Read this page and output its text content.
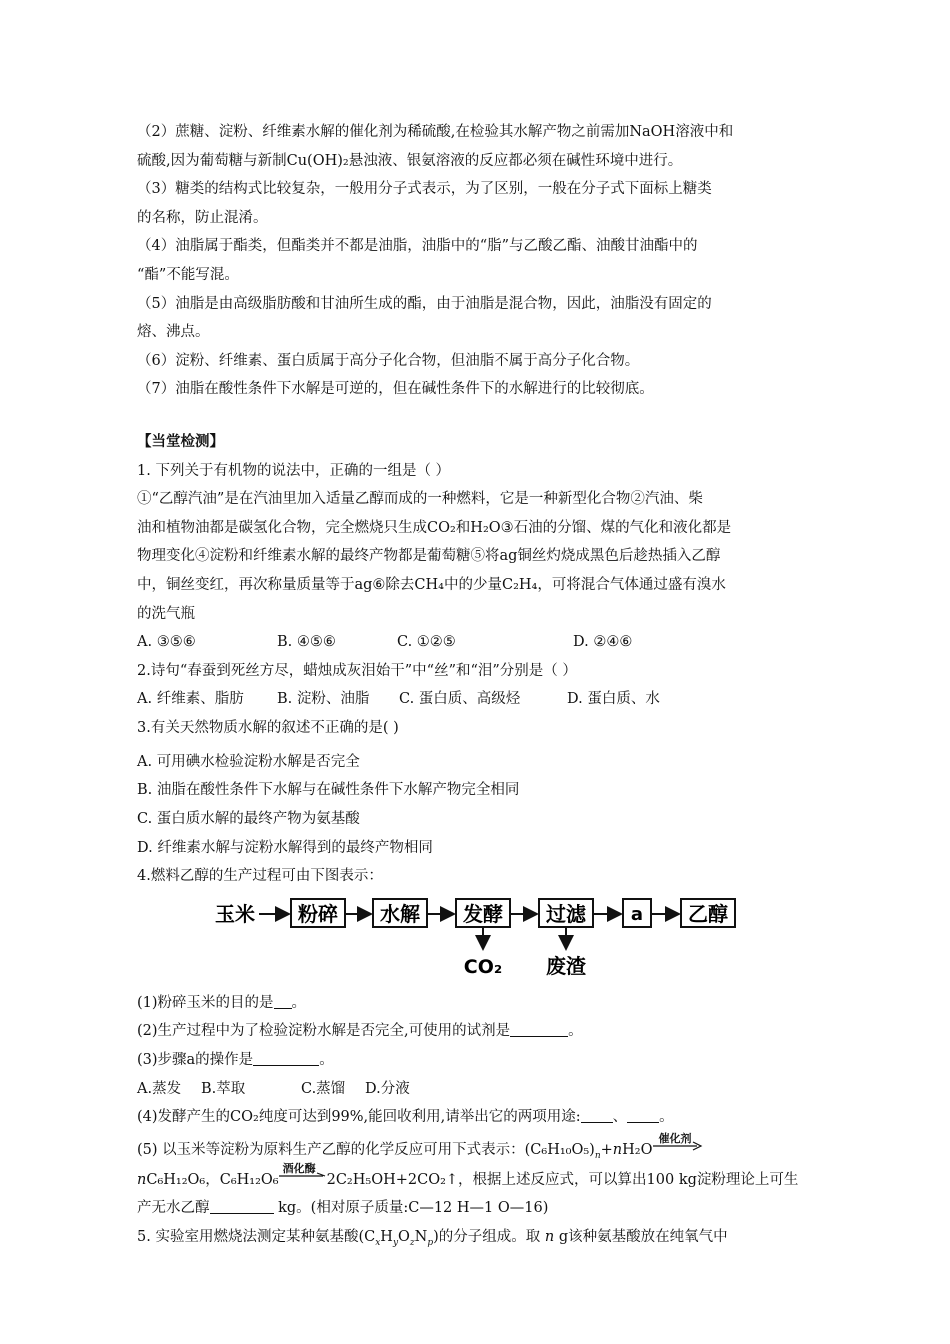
（2）蔗糖、淀粉、纤维素水解的催化剂为稀硫酸,在检验其水解产物之前需加NaOH溶液中和
硫酸,因为葡萄糖与新制Cu(OH)₂悬浊液、银氨溶液的反应都必须在碱性环境中进行。
（3）糖类的结构式比较复杂，一般用分子式表示，为了区别，一般在分子式下面标上糖类
的名称，防止混淆。
（4）油脂属于酯类，但酯类并不都是油脂，油脂中的“脂”与乙酸乙酯、油酸甘油酯中的
“酯”不能写混。
（5）油脂是由高级脂肪酸和甘油所生成的酯，由于油脂是混合物，因此，油脂没有固定的
熔、沸点。
（6）淀粉、纤维素、蛋白质属于高分子化合物，但油脂不属于高分子化合物。
（7）油脂在酸性条件下水解是可逆的，但在碱性条件下的水解进行的比较彻底。
【当堂检测】
1. 下列关于有机物的说法中，正确的一组是（ ）
①“乙醇汽油”是在汽油里加入适量乙醇而成的一种燃料，它是一种新型化合物②汽油、柴
油和植物油都是碳氢化合物，完全燃烧只生成CO₂和H₂O③石油的分馏、煤的气化和液化都是
物理变化④淀粉和纤维素水解的最终产物都是葡萄糖⑤将ag铜丝灼烧成黑色后趁热插入乙醇
中，铜丝变红，再次称量质量等于ag⑥除去CH₄中的少量C₂H₄，可将混合气体通过盛有溴水
的洗气瓶
A. ③⑤⑥	B. ④⑤⑥	C. ①②⑤	D. ②④⑥
2.诗句“春蚕到死丝方尽，蜡烛成灰泪始干”中“丝”和“泪”分别是（ ）
A. 纤维素、脂肪 B. 淀粉、油脂 C. 蛋白质、高级烃	D. 蛋白质、水
3.有关天然物质水解的叙述不正确的是( )
A. 可用碘水检验淀粉水解是否完全
B. 油脂在酸性条件下水解与在碱性条件下水解产物完全相同
C. 蛋白质水解的最终产物为氨基酸
D. 纤维素水解与淀粉水解得到的最终产物相同
4.燃料乙醇的生产过程可由下图表示：
玉米 粉碎 水解 发酵 过滤 a 乙醇
CO₂ 废渣
(1)粉碎玉米的目的是 。
(2)生产过程中为了检验淀粉水解是否完全,可使用的试剂是	。
(3)步骤a的操作是	。
A.蒸发 B.萃取	C.蒸馏 D.分液
(4)发酵产生的CO₂纯度可达到99%,能回收利用,请举出它的两项用途: 、 。
(5) 以玉米等淀粉为原料生产乙醇的化学反应可用下式表示：$(C_6H_{10}O_5)_n+nH_2O$
催化剂
nC₆H₁₂O₆，C₆H₁₂O₆
酒化酶
2C₂H₅OH+2CO₂↑，根据上述反应式，可以算出100 kg淀粉理论上可生
产无水乙醇	kg。(相对原子质量:C—12 H—1 O—16)
5. 实验室用燃烧法测定某种氨基酸$(C_xH_yO_zN_p)$的分子组成。取 n g该种氨基酸放在纯氧气中
